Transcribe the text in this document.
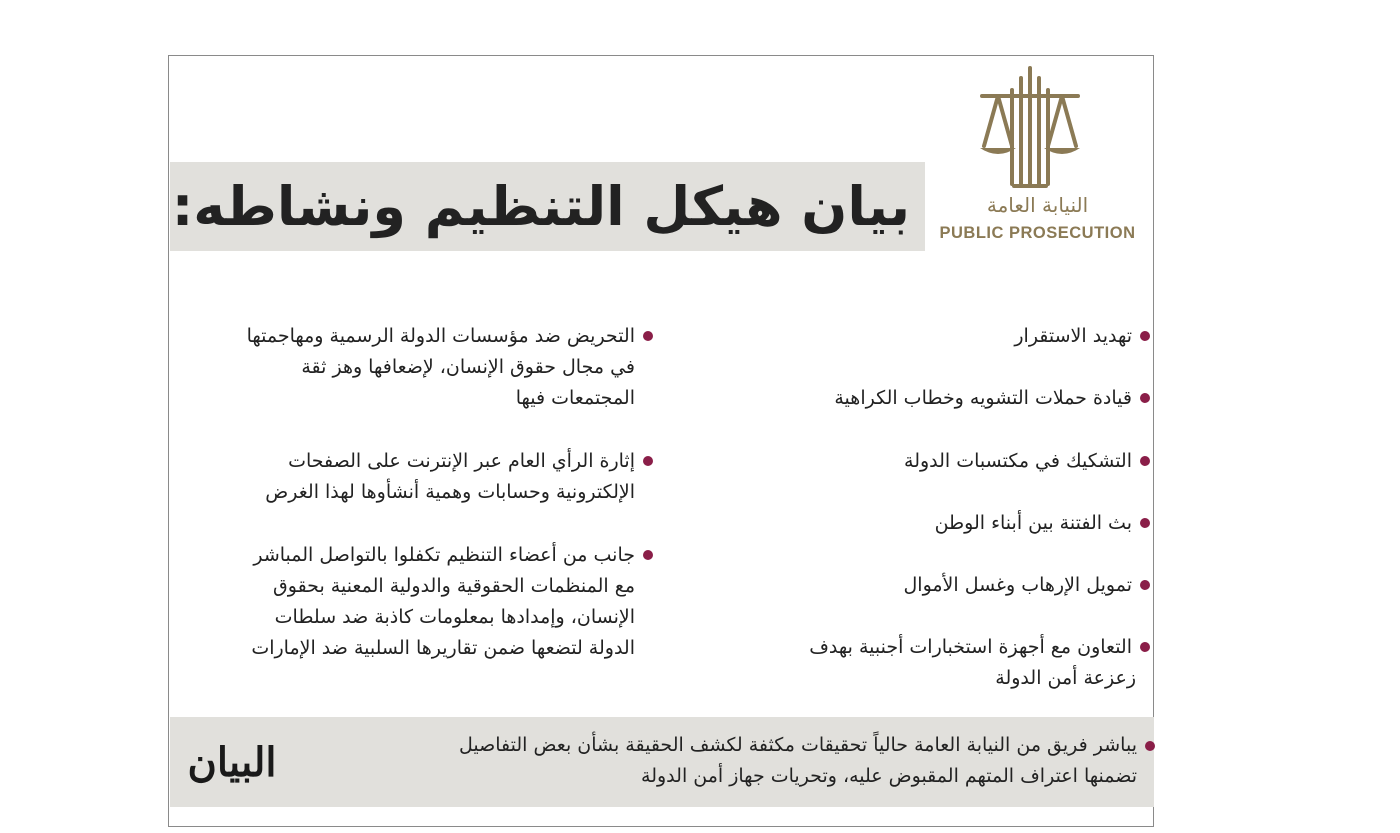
بيان هيكل التنظيم ونشاطه:	النيابة العامة
PUBLIC PROSECUTION
تهديد الاستقرار
قيادة حملات التشويه وخطاب الكراهية
التشكيك في مكتسبات الدولة
بث الفتنة بين أبناء الوطن
تمويل الإرهاب وغسل الأموال
التعاون مع أجهزة استخبارات أجنبية بهدف
زعزعة أمن الدولة
التحريض ضد مؤسسات الدولة الرسمية ومهاجمتها
في مجال حقوق الإنسان، لإضعافها وهز ثقة
المجتمعات فيها
إثارة الرأي العام عبر الإنترنت على الصفحات
الإلكترونية وحسابات وهمية أنشأوها لهذا الغرض
جانب من أعضاء التنظيم تكفلوا بالتواصل المباشر
مع المنظمات الحقوقية والدولية المعنية بحقوق
الإنسان، وإمدادها بمعلومات كاذبة ضد سلطات
الدولة لتضعها ضمن تقاريرها السلبية ضد الإمارات
يباشر فريق من النيابة العامة حالياً تحقيقات مكثفة لكشف الحقيقة بشأن بعض التفاصيل
تضمنها اعتراف المتهم المقبوض عليه، وتحريات جهاز أمن الدولة
البيان
